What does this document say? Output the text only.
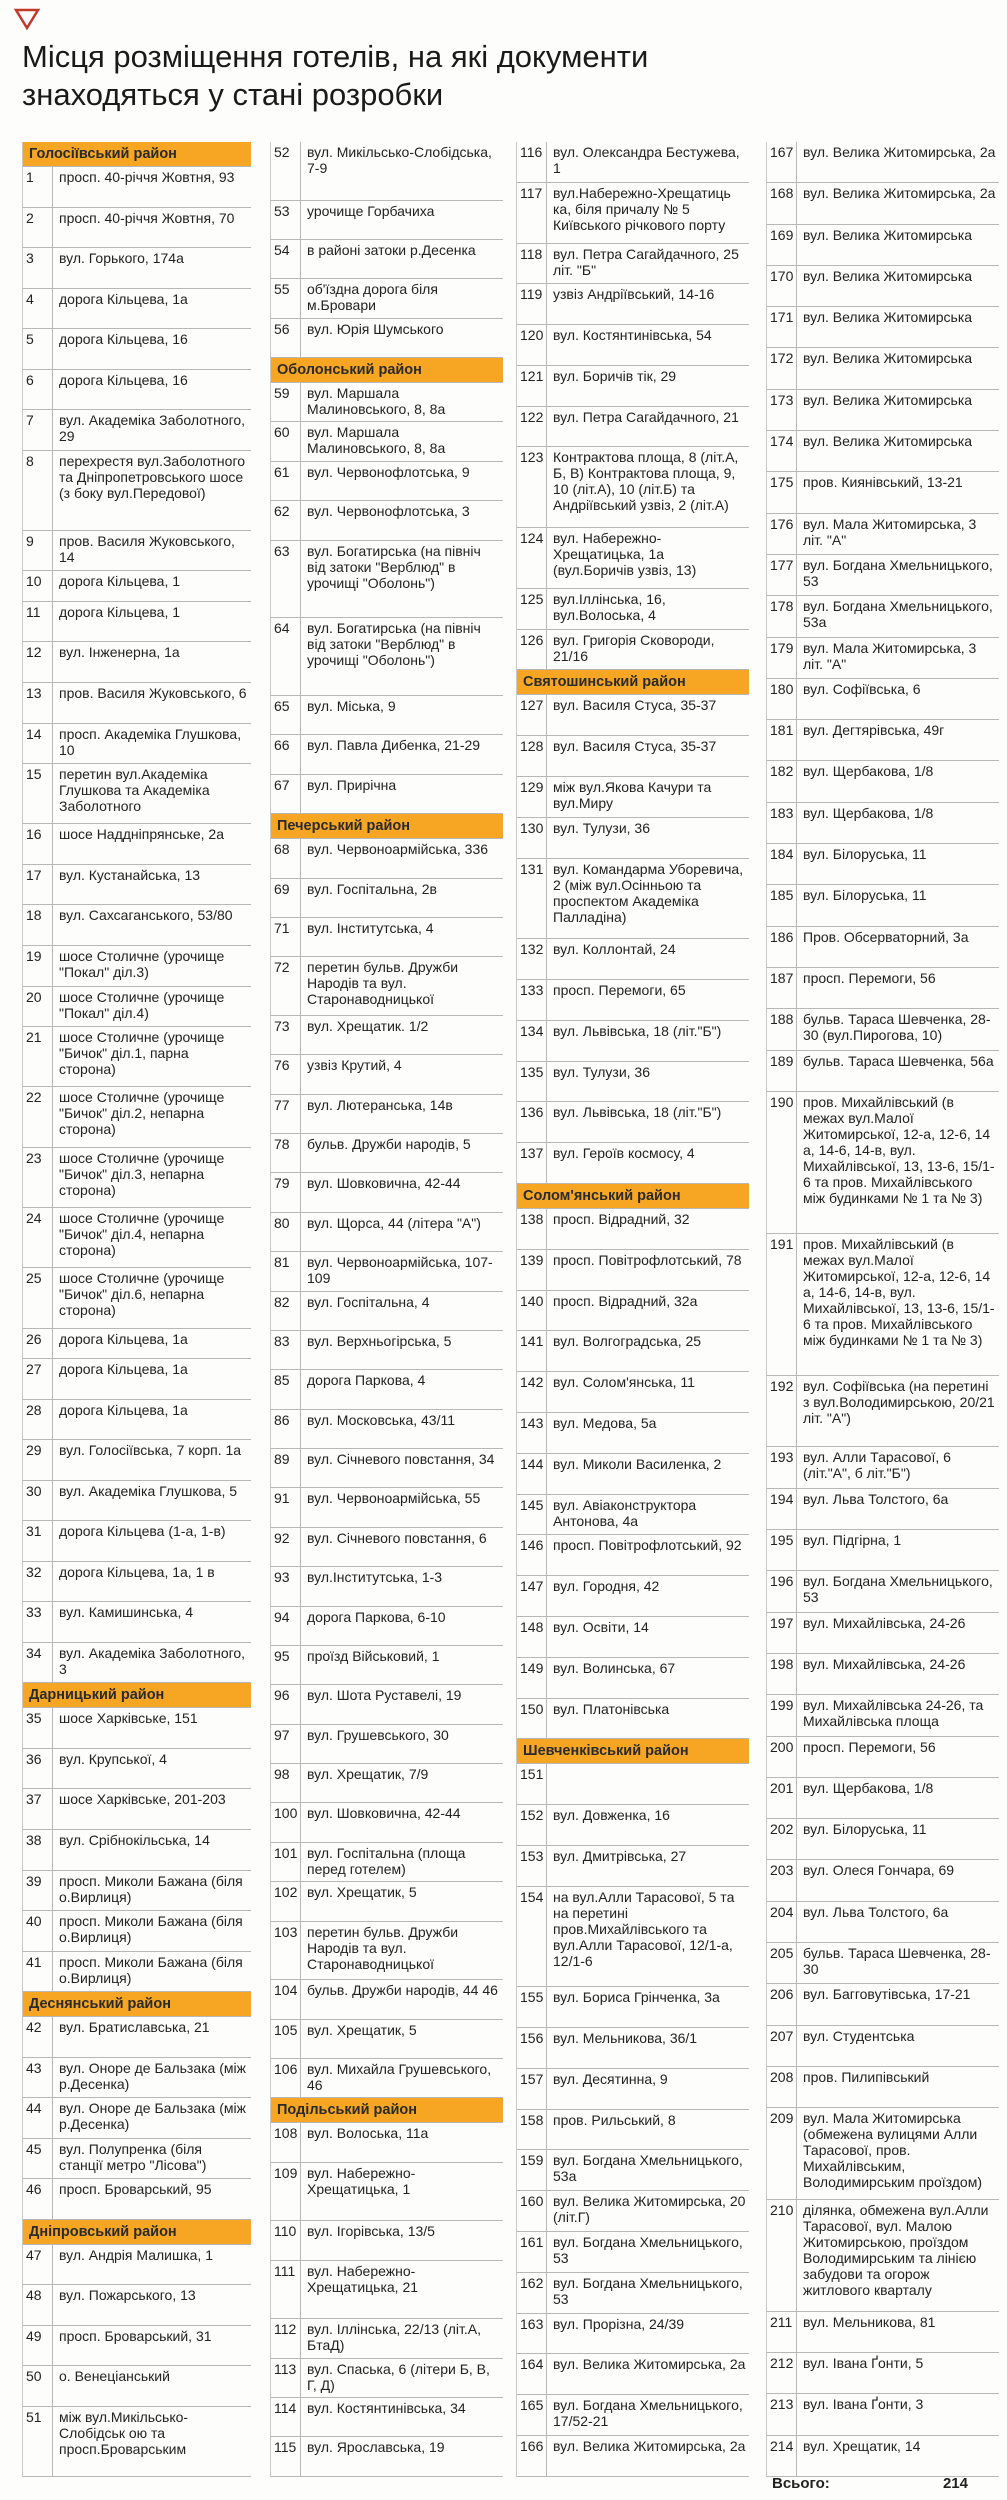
Місця розміщення готелів, на які документи
знаходяться у стані розробки
Голосіївський район
1	просп. 40-річчя Жовтня, 93
2	просп. 40-річчя Жовтня, 70
3	вул. Горького, 174а
4	дорога Кільцева, 1а
5	дорога Кільцева, 16
6	дорога Кільцева, 16
7	вул. Академіка Заболотного, 29
8	перехрестя вул.Заболотного та Дніпропетровського шосе (з боку вул.Передової)
9	пров. Василя Жуковського, 14
10	дорога Кільцева, 1
11	дорога Кільцева, 1
12	вул. Інженерна, 1а
13	пров. Василя Жуковського, 6
14	просп. Академіка Глушкова, 10
15	перетин вул.Академіка Глушкова та Академіка Заболотного
16	шосе Наддніпрянське, 2а
17	вул. Кустанайська, 13
18	вул. Сахсаганського, 53/80
19	шосе Столичне (урочище "Покал" діл.3)
20	шосе Столичне (урочище "Покал" діл.4)
21	шосе Столичне (урочище "Бичок" діл.1, парна сторона)
22	шосе Столичне (урочище "Бичок" діл.2, непарна сторона)
23	шосе Столичне (урочище "Бичок" діл.3, непарна сторона)
24	шосе Столичне (урочище "Бичок" діл.4, непарна сторона)
25	шосе Столичне (урочище "Бичок" діл.6, непарна сторона)
26	дорога Кільцева, 1а
27	дорога Кільцева, 1а
28	дорога Кільцева, 1а
29	вул. Голосіївська, 7 корп. 1а
30	вул. Академіка Глушкова, 5
31	дорога Кільцева (1-а, 1-в)
32	дорога Кільцева, 1а, 1 в
33	вул. Камишинська, 4
34	вул. Академіка Заболотного, 3
Дарницький район
35	шосе Харківське, 151
36	вул. Крупської, 4
37	шосе Харківське, 201-203
38	вул. Срібнокільська, 14
39	просп. Миколи Бажана (біля о.Вирлиця)
40	просп. Миколи Бажана (біля о.Вирлиця)
41	просп. Миколи Бажана (біля о.Вирлиця)
Деснянський район
42	вул. Братиславська, 21
43	вул. Оноре де Бальзака (між р.Десенка)
44	вул. Оноре де Бальзака (між р.Десенка)
45	вул. Полупренка (біля станції метро "Лісова")
46	просп. Броварський, 95
Дніпровський район
47	вул. Андрія Малишка, 1
48	вул. Пожарського, 13
49	просп. Броварський, 31
50	о. Венеціанський
51	між вул.Микільсько-Слобідськ ою та просп.Броварським
52	вул. Микільсько-Слобідська, 7-9
53	урочище Горбачиха
54	в районі затоки р.Десенка
55	об'їздна дорога біля м.Бровари
56	вул. Юрія Шумського
Оболонський район
59	вул. Маршала Малиновського, 8, 8а
60	вул. Маршала Малиновського, 8, 8а
61	вул. Червонофлотська, 9
62	вул. Червонофлотська, 3
63	вул. Богатирська (на північ від затоки "Верблюд" в урочищі "Оболонь")
64	вул. Богатирська (на північ від затоки "Верблюд" в урочищі "Оболонь")
65	вул. Міська, 9
66	вул. Павла Дибенка, 21-29
67	вул. Прирічна
Печерський район
68	вул. Червоноармійська, 336
69	вул. Госпітальна, 2в
71	вул. Інститутська, 4
72	перетин бульв. Дружби Народів та вул. Старонаводницької
73	вул. Хрещатик. 1/2
76	узвіз Крутий, 4
77	вул. Лютеранська, 14в
78	бульв. Дружби народів, 5
79	вул. Шовковична, 42-44
80	вул. Щорса, 44 (літера "А")
81	вул. Червоноармійська, 107-109
82	вул. Госпітальна, 4
83	вул. Верхньогірська, 5
85	дорога Паркова, 4
86	вул. Московська, 43/11
89	вул. Січневого повстання, 34
91	вул. Червоноармійська, 55
92	вул. Січневого повстання, 6
93	вул.Інститутська, 1-3
94	дорога Паркова, 6-10
95	проїзд Військовий, 1
96	вул. Шота Руставелі, 19
97	вул. Грушевського, 30
98	вул. Хрещатик, 7/9
100 вул. Шовковична, 42-44
101 вул. Госпітальна (площа перед готелем)
102 вул. Хрещатик, 5
103 перетин бульв. Дружби Народів та вул. Старонаводницької
104 бульв. Дружби народів, 44 46
105 вул. Хрещатик, 5
106 вул. Михайла Грушевського, 46
Подільський район
108 вул. Волоська, 11а
109 вул. Набережно-Хрещатицька, 1
110 вул. Ігорівська, 13/5
111 вул. Набережно-Хрещатицька, 21
112 вул. Іллінська, 22/13 (літ.А, БтаД)
113 вул. Спаська, 6 (літери Б, В, Г, Д)
114 вул. Костянтинівська, 34
115 вул. Ярославська, 19
116 вул. Олександра Бестужева, 1
117 вул.Набережно-Хрещатиць ка, біля причалу № 5 Київського річкового порту
118 вул. Петра Сагайдачного, 25 літ. "Б"
119 узвіз Андріївський, 14-16
120 вул. Костянтинівська, 54
121 вул. Боричів тік, 29
122 вул. Петра Сагайдачного, 21
123 Контрактова площа, 8 (літ.А, Б, В) Контрактова площа, 9, 10 (літ.А), 10 (літ.Б) та Андріївський узвіз, 2 (літ.А)
124 вул. Набережно-Хрещатицька, 1а (вул.Боричів узвіз, 13)
125 вул.Іллінська, 16, вул.Волоська, 4
126 вул. Григорія Сковороди, 21/16
Святошинський район
127 вул. Василя Стуса, 35-37
128 вул. Василя Стуса, 35-37
129 між вул.Якова Качури та вул.Миру
130 вул. Тулузи, 36
131 вул. Командарма Уборевича, 2 (між вул.Осінньою та проспектом Академіка Палладіна)
132 вул. Коллонтай, 24
133 просп. Перемоги, 65
134 вул. Львівська, 18 (літ."Б")
135 вул. Тулузи, 36
136 вул. Львівська, 18 (літ."Б")
137 вул. Героїв космосу, 4
Солом'янський район
138 просп. Відрадний, 32
139 просп. Повітрофлотський, 78
140 просп. Відрадний, 32а
141 вул. Волгоградська, 25
142 вул. Солом'янська, 11
143 вул. Медова, 5а
144 вул. Миколи Василенка, 2
145 вул. Авіаконструктора Антонова, 4а
146 просп. Повітрофлотський, 92
147 вул. Городня, 42
148 вул. Освіти, 14
149 вул. Волинська, 67
150 вул. Платонівська
Шевченківський район
151
152 вул. Довженка, 16
153 вул. Дмитрівська, 27
154 на вул.Алли Тарасової, 5 та на перетині пров.Михайлівського та вул.Алли Тарасової, 12/1-а, 12/1-6
155 вул. Бориса Грінченка, 3а
156 вул. Мельникова, 36/1
157 вул. Десятинна, 9
158 пров. Рильський, 8
159 вул. Богдана Хмельницького, 53а
160 вул. Велика Житомирська, 20 (літ.Г)
161 вул. Богдана Хмельницького, 53
162 вул. Богдана Хмельницького, 53
163 вул. Прорізна, 24/39
164 вул. Велика Житомирська, 2а
165 вул. Богдана Хмельницького, 17/52-21
166 вул. Велика Житомирська, 2а
167 вул. Велика Житомирська, 2а
168 вул. Велика Житомирська, 2а
169 вул. Велика Житомирська
170 вул. Велика Житомирська
171 вул. Велика Житомирська
172 вул. Велика Житомирська
173 вул. Велика Житомирська
174 вул. Велика Житомирська
175 пров. Киянівський, 13-21
176 вул. Мала Житомирська, 3 літ. "А"
177 вул. Богдана Хмельницького, 53
178 вул. Богдана Хмельницького, 53а
179 вул. Мала Житомирська, 3 літ. "А"
180 вул. Софіївська, 6
181 вул. Дегтярівська, 49г
182 вул. Щербакова, 1/8
183 вул. Щербакова, 1/8
184 вул. Білоруська, 11
185 вул. Білоруська, 11
186 Пров. Обсерваторний, 3а
187 просп. Перемоги, 56
188 бульв. Тараса Шевченка, 28-30 (вул.Пирогова, 10)
189 бульв. Тараса Шевченка, 56а
190 пров. Михайлівський (в межах вул.Малої Житомирської, 12-а, 12-6, 14 а, 14-6, 14-в, вул. Михайлівської, 13, 13-6, 15/1-6 та пров. Михайлівського між будинками № 1 та № 3)
191 пров. Михайлівський (в межах вул.Малої Житомирської, 12-а, 12-6, 14 а, 14-6, 14-в, вул. Михайлівської, 13, 13-6, 15/1-6 та пров. Михайлівського між будинками № 1 та № 3)
192 вул. Софіївська (на перетині з вул.Володимирською, 20/21 літ. "А")
193 вул. Алли Тарасової, 6 (літ."А", б літ."Б")
194 вул. Льва Толстого, 6а
195 вул. Підгірна, 1
196 вул. Богдана Хмельницького, 53
197 вул. Михайлівська, 24-26
198 вул. Михайлівська, 24-26
199 вул. Михайлівська 24-26, та Михайлівська площа
200 просп. Перемоги, 56
201 вул. Щербакова, 1/8
202 вул. Білоруська, 11
203 вул. Олеся Гончара, 69
204 вул. Льва Толстого, 6а
205 бульв. Тараса Шевченка, 28-30
206 вул. Багговутівська, 17-21
207 вул. Студентська
208 пров. Пилипівський
209 вул. Мала Житомирська (обмежена вулицями Алли Тарасової, пров. Михайлівським, Володимирським проїздом)
210 ділянка, обмежена вул.Алли Тарасової, вул. Малою Житомирською, проїздом Володимирським та лінією забудови та огорож житлового кварталу
211 вул. Мельникова, 81
212 вул. Івана Ґонти, 5
213 вул. Івана Ґонти, 3
214 вул. Хрещатик, 14
Всього:	214
